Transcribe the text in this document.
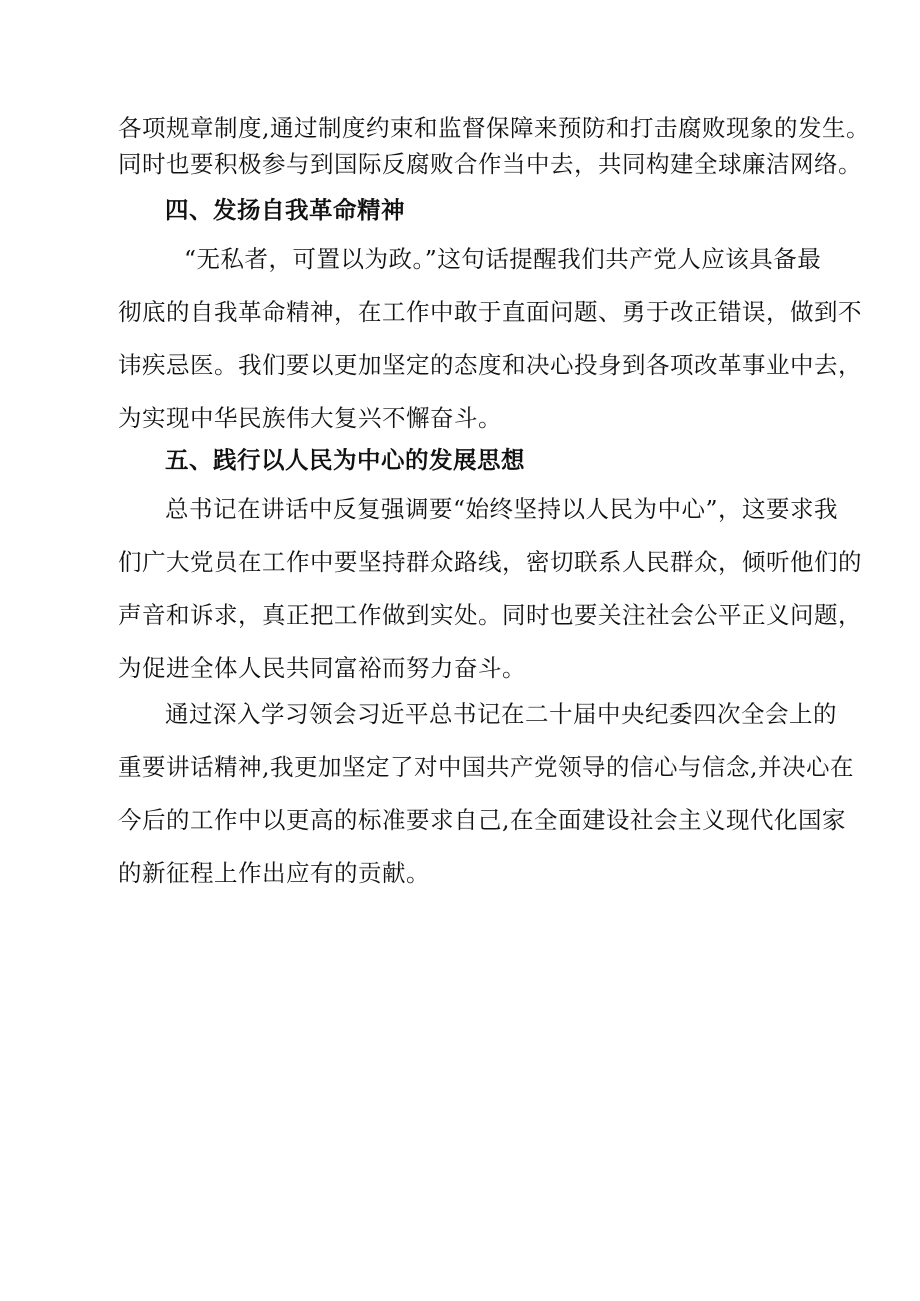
各项规章制度,通过制度约束和监督保障来预防和打击腐败现象的发生。
同时也要积极参与到国际反腐败合作当中去，共同构建全球廉洁网络。

四、发扬自我革命精神

“无私者，可置以为政。”这句话提醒我们共产党人应该具备最
彻底的自我革命精神，在工作中敢于直面问题、勇于改正错误，做到不
讳疾忌医。我们要以更加坚定的态度和决心投身到各项改革事业中去，
为实现中华民族伟大复兴不懈奋斗。

五、践行以人民为中心的发展思想

总书记在讲话中反复强调要“始终坚持以人民为中心”，这要求我
们广大党员在工作中要坚持群众路线，密切联系人民群众，倾听他们的
声音和诉求，真正把工作做到实处。同时也要关注社会公平正义问题，
为促进全体人民共同富裕而努力奋斗。

通过深入学习领会习近平总书记在二十届中央纪委四次全会上的
重要讲话精神,我更加坚定了对中国共产党领导的信心与信念,并决心在
今后的工作中以更高的标准要求自己,在全面建设社会主义现代化国家
的新征程上作出应有的贡献。
